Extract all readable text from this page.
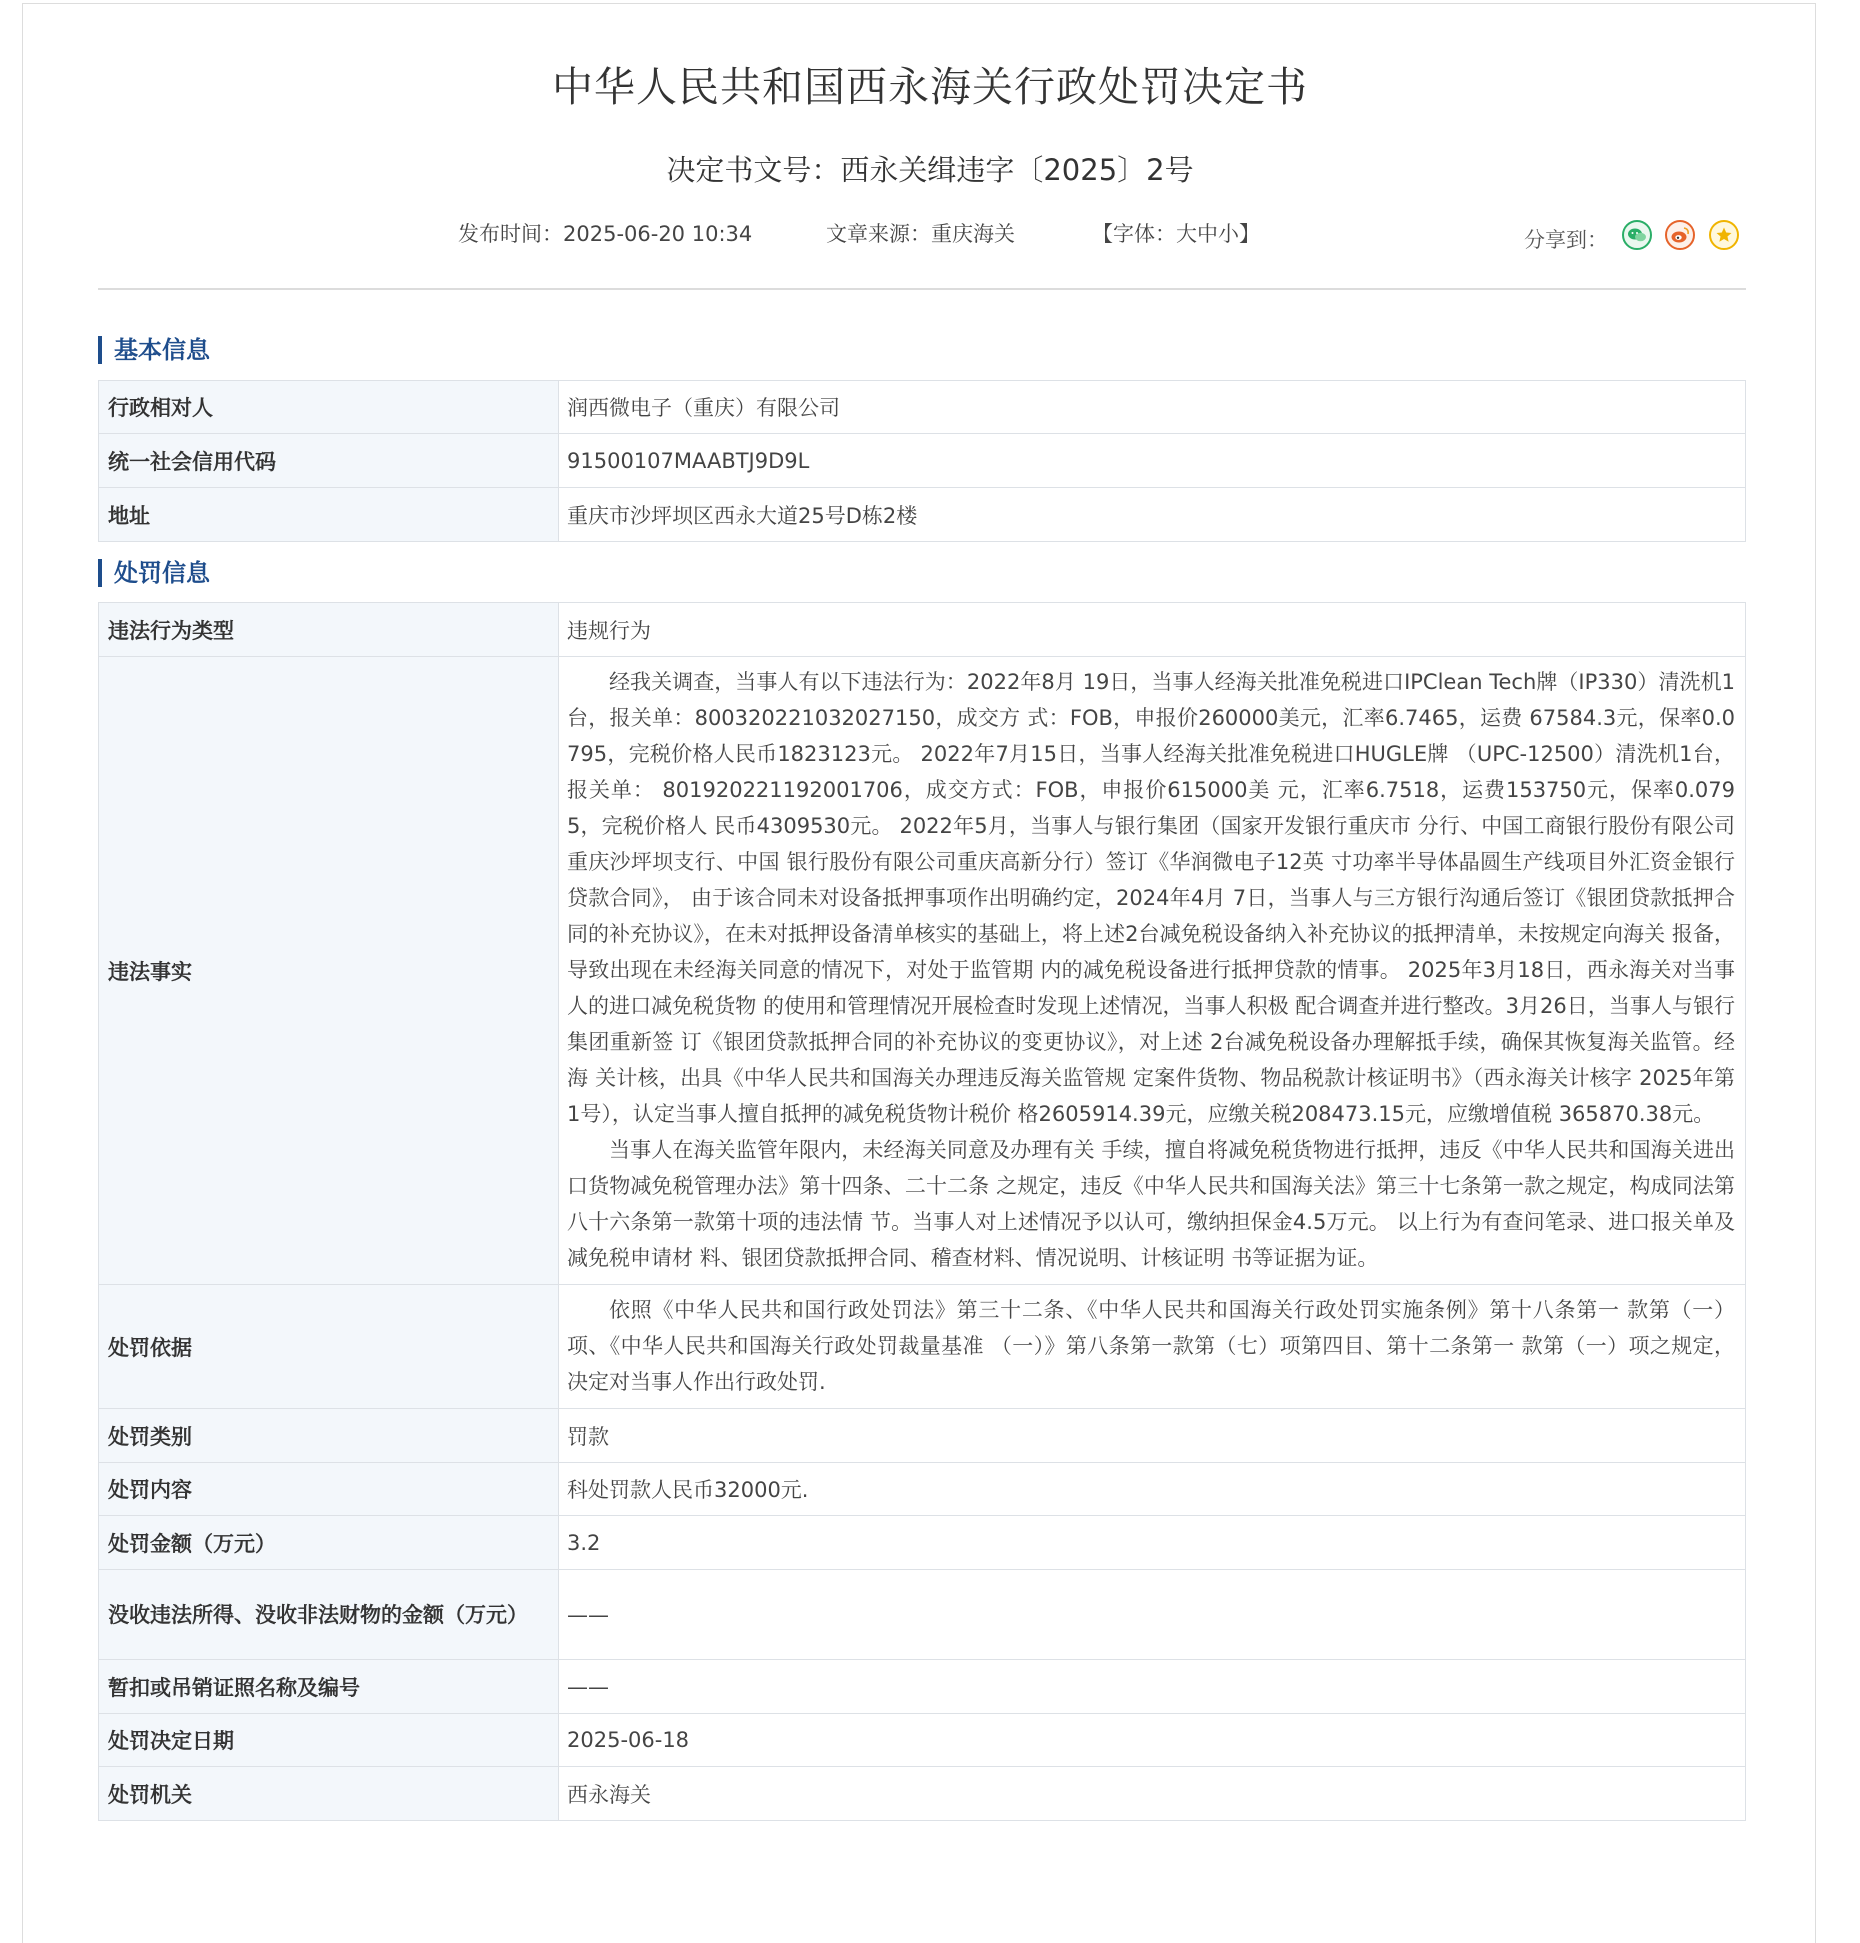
中华人民共和国西永海关行政处罚决定书
决定书文号：西永关缉违字〔2025〕2号
发布时间：2025-06-20 10:34	文章来源：重庆海关	【字体：大中小】	分享到：
基本信息
行政相对人	润西微电子（重庆）有限公司
统一社会信用代码	91500107MAABTJ9D9L
地址	重庆市沙坪坝区西永大道25号D栋2楼
处罚信息
违法行为类型	违规行为
违法事实	经我关调查，当事人有以下违法行为：2022年8月 19日，当事人经海关批准免税进口IPClean Tech牌（IP330）清洗机1台，报关单：800320221032027150，成交方 式：FOB，申报价260000美元，汇率6.7465，运费 67584.3元，保率0.0795，完税价格人民币1823123元。 2022年7月15日，当事人经海关批准免税进口HUGLE牌 （UPC-12500）清洗机1台，报关单： 801920221192001706，成交方式：FOB，申报价615000美 元，汇率6.7518，运费153750元，保率0.0795，完税价格人 民币4309530元。 2022年5月，当事人与银行集团（国家开发银行重庆市 分行、中国工商银行股份有限公司重庆沙坪坝支行、中国 银行股份有限公司重庆高新分行）签订《华润微电子12英 寸功率半导体晶圆生产线项目外汇资金银行贷款合同》， 由于该合同未对设备抵押事项作出明确约定，2024年4月 7日，当事人与三方银行沟通后签订《银团贷款抵押合同的补充协议》，在未对抵押设备清单核实的基础上，将上述2台减免税设备纳入补充协议的抵押清单，未按规定向海关 报备，导致出现在未经海关同意的情况下，对处于监管期 内的减免税设备进行抵押贷款的情事。 2025年3月18日，西永海关对当事人的进口减免税货物 的使用和管理情况开展检查时发现上述情况，当事人积极 配合调查并进行整改。3月26日，当事人与银行集团重新签 订《银团贷款抵押合同的补充协议的变更协议》，对上述 2台减免税设备办理解抵手续，确保其恢复海关监管。经海 关计核，出具《中华人民共和国海关办理违反海关监管规 定案件货物、物品税款计核证明书》（西永海关计核字 2025年第1号），认定当事人擅自抵押的减免税货物计税价 格2605914.39元，应缴关税208473.15元，应缴增值税 365870.38元。

当事人在海关监管年限内，未经海关同意及办理有关 手续，擅自将减免税货物进行抵押，违反《中华人民共和国海关进出口货物减免税管理办法》第十四条、二十二条 之规定，违反《中华人民共和国海关法》第三十七条第一款之规定，构成同法第八十六条第一款第十项的违法情 节。当事人对上述情况予以认可，缴纳担保金4.5万元。 以上行为有查问笔录、进口报关单及减免税申请材 料、银团贷款抵押合同、稽查材料、情况说明、计核证明 书等证据为证。

处罚依据	依照《中华人民共和国行政处罚法》第三十二条、《中华人民共和国海关行政处罚实施条例》第十八条第一 款第（一）项、《中华人民共和国海关行政处罚裁量基准 （一）》第八条第一款第（七）项第四目、第十二条第一 款第（一）项之规定，决定对当事人作出行政处罚.

处罚类别	罚款
处罚内容	科处罚款人民币32000元.
处罚金额（万元）	3.2
没收违法所得、没收非法财物的金额（万元）	——
暂扣或吊销证照名称及编号	——
处罚决定日期	2025-06-18
处罚机关	西永海关
